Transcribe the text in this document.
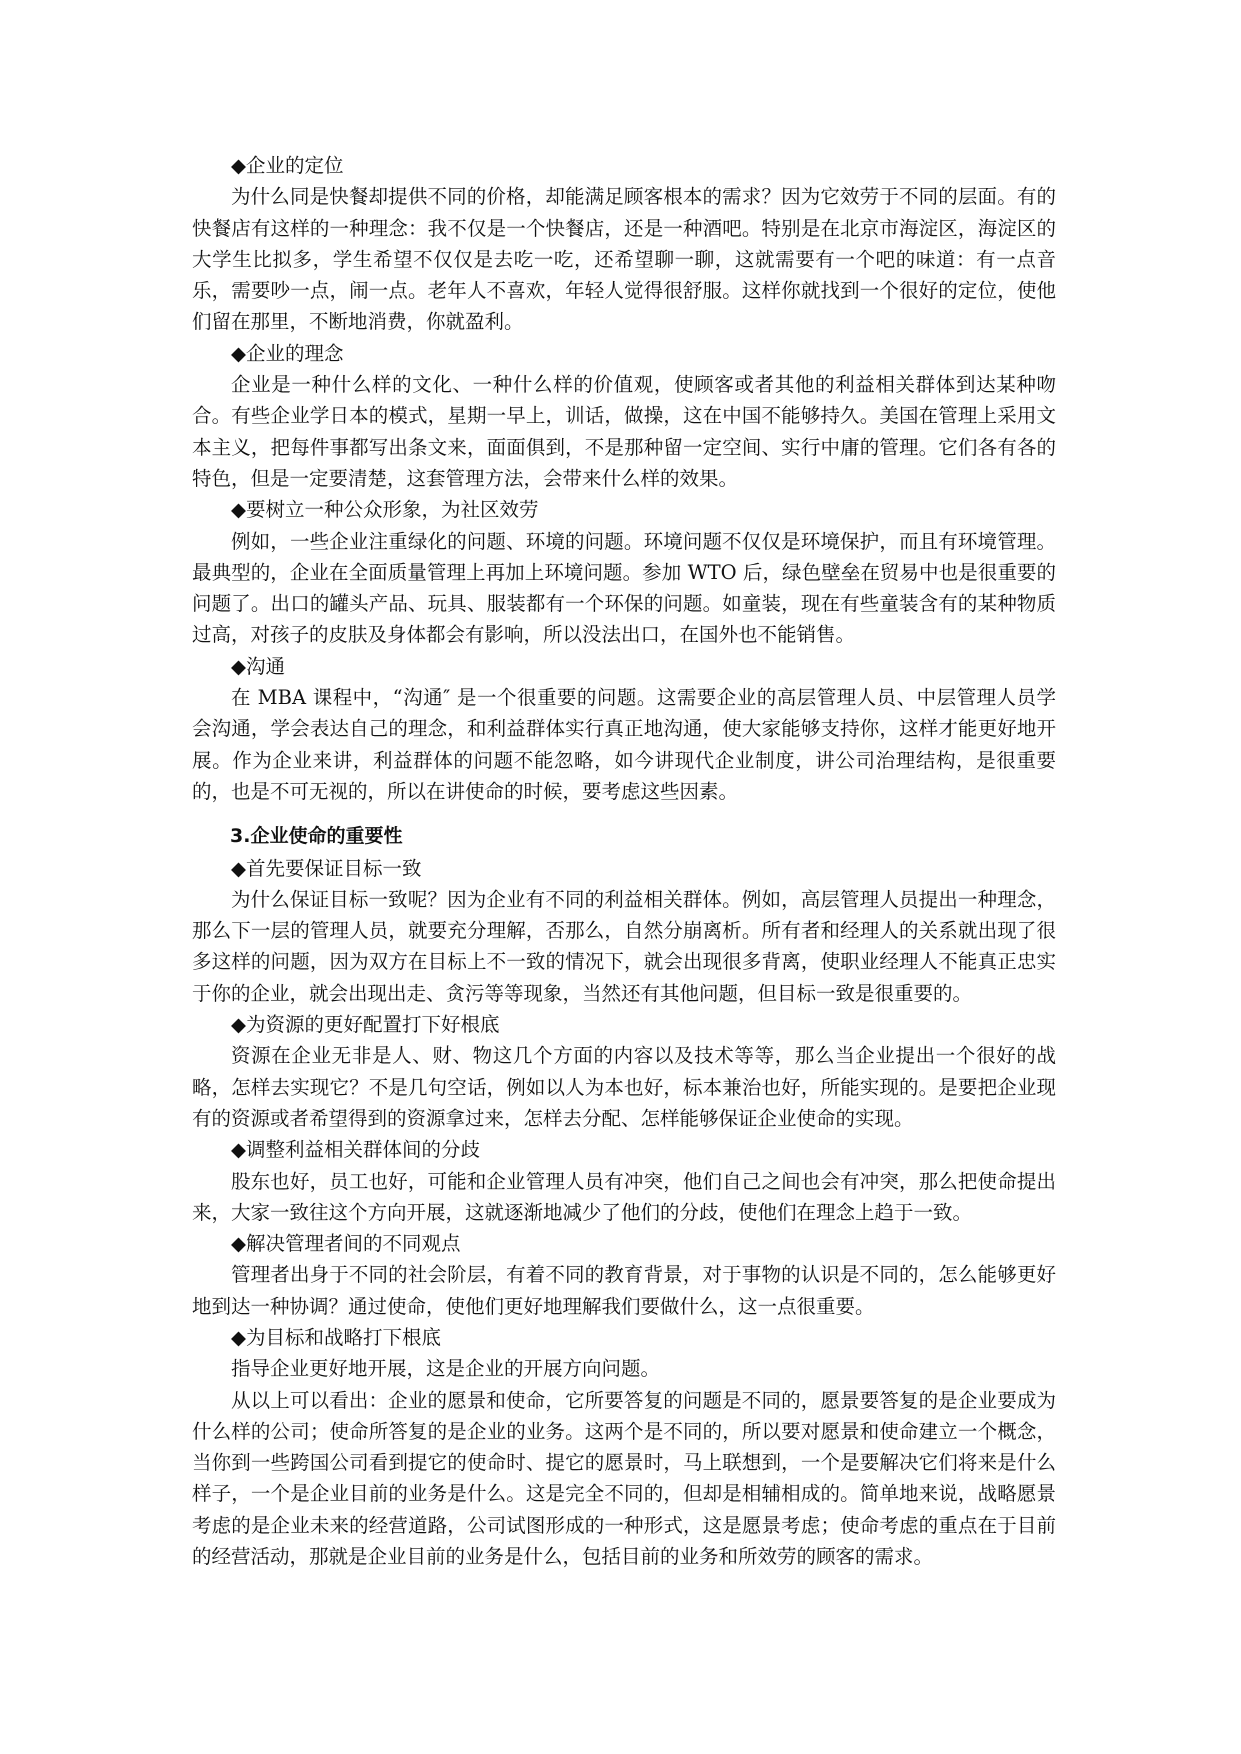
◆企业的定位

为什么同是快餐却提供不同的价格，却能满足顾客根本的需求？因为它效劳于不同的层面。有的快餐店有这样的一种理念：我不仅是一个快餐店，还是一种酒吧。特别是在北京市海淀区，海淀区的大学生比拟多，学生希望不仅仅是去吃一吃，还希望聊一聊，这就需要有一个吧的味道：有一点音乐，需要吵一点，闹一点。老年人不喜欢，年轻人觉得很舒服。这样你就找到一个很好的定位，使他们留在那里，不断地消费，你就盈利。

◆企业的理念

企业是一种什么样的文化、一种什么样的价值观，使顾客或者其他的利益相关群体到达某种吻合。有些企业学日本的模式，星期一早上，训话，做操，这在中国不能够持久。美国在管理上采用文本主义，把每件事都写出条文来，面面俱到，不是那种留一定空间、实行中庸的管理。它们各有各的特色，但是一定要清楚，这套管理方法，会带来什么样的效果。

◆要树立一种公众形象，为社区效劳

例如，一些企业注重绿化的问题、环境的问题。环境问题不仅仅是环境保护，而且有环境管理。最典型的，企业在全面质量管理上再加上环境问题。参加 WTO 后，绿色壁垒在贸易中也是很重要的问题了。出口的罐头产品、玩具、服装都有一个环保的问题。如童装，现在有些童装含有的某种物质过高，对孩子的皮肤及身体都会有影响，所以没法出口，在国外也不能销售。

◆沟通

在 MBA 课程中，“沟通″ 是一个很重要的问题。这需要企业的高层管理人员、中层管理人员学会沟通，学会表达自己的理念，和利益群体实行真正地沟通，使大家能够支持你，这样才能更好地开展。作为企业来讲，利益群体的问题不能忽略，如今讲现代企业制度，讲公司治理结构，是很重要的，也是不可无视的，所以在讲使命的时候，要考虑这些因素。

3.企业使命的重要性

◆首先要保证目标一致

为什么保证目标一致呢？因为企业有不同的利益相关群体。例如，高层管理人员提出一种理念，那么下一层的管理人员，就要充分理解，否那么，自然分崩离析。所有者和经理人的关系就出现了很多这样的问题，因为双方在目标上不一致的情况下，就会出现很多背离，使职业经理人不能真正忠实于你的企业，就会出现出走、贪污等等现象，当然还有其他问题，但目标一致是很重要的。

◆为资源的更好配置打下好根底

资源在企业无非是人、财、物这几个方面的内容以及技术等等，那么当企业提出一个很好的战略，怎样去实现它？不是几句空话，例如以人为本也好，标本兼治也好，所能实现的。是要把企业现有的资源或者希望得到的资源拿过来，怎样去分配、怎样能够保证企业使命的实现。

◆调整利益相关群体间的分歧

股东也好，员工也好，可能和企业管理人员有冲突，他们自己之间也会有冲突，那么把使命提出来，大家一致往这个方向开展，这就逐渐地减少了他们的分歧，使他们在理念上趋于一致。

◆解决管理者间的不同观点

管理者出身于不同的社会阶层，有着不同的教育背景，对于事物的认识是不同的，怎么能够更好地到达一种协调？通过使命，使他们更好地理解我们要做什么，这一点很重要。

◆为目标和战略打下根底

指导企业更好地开展，这是企业的开展方向问题。

从以上可以看出：企业的愿景和使命，它所要答复的问题是不同的，愿景要答复的是企业要成为什么样的公司；使命所答复的是企业的业务。这两个是不同的，所以要对愿景和使命建立一个概念，当你到一些跨国公司看到提它的使命时、提它的愿景时，马上联想到，一个是要解决它们将来是什么样子，一个是企业目前的业务是什么。这是完全不同的，但却是相辅相成的。简单地来说，战略愿景考虑的是企业未来的经营道路，公司试图形成的一种形式，这是愿景考虑；使命考虑的重点在于目前的经营活动，那就是企业目前的业务是什么，包括目前的业务和所效劳的顾客的需求。
